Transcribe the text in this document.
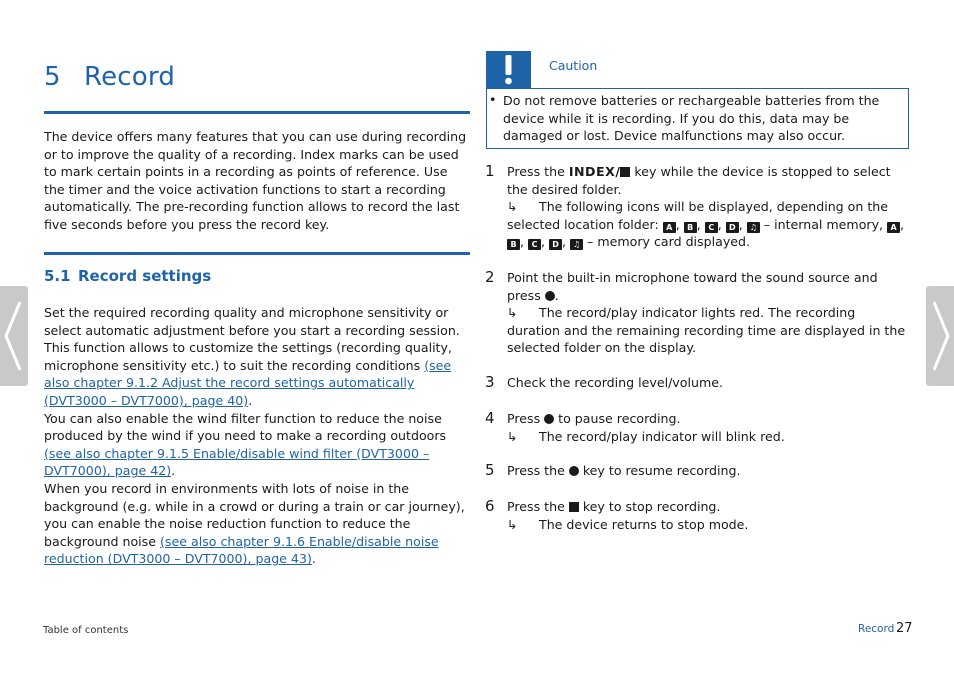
5 Record
The device offers many features that you can use during recording or to improve the quality of a recording. Index marks can be used to mark certain points in a recording as points of reference. Use the timer and the voice activation functions to start a recording automatically. The pre-recording function allows to record the last five seconds before you press the record key.
5.1 Record settings
Set the required recording quality and microphone sensitivity or select automatic adjustment before you start a recording session. This function allows to customize the settings (recording quality, microphone sensitivity etc.) to suit the recording conditions (see also chapter 9.1.2 Adjust the record settings automatically (DVT3000 – DVT7000), page 40).
You can also enable the wind filter function to reduce the noise produced by the wind if you need to make a recording outdoors (see also chapter 9.1.5 Enable/disable wind filter (DVT3000 – DVT7000), page 42).
When you record in environments with lots of noise in the background (e.g. while in a crowd or during a train or car journey), you can enable the noise reduction function to reduce the background noise (see also chapter 9.1.6 Enable/disable noise reduction (DVT3000 – DVT7000), page 43).
Caution
• Do not remove batteries or rechargeable batteries from the device while it is recording. If you do this, data may be damaged or lost. Device malfunctions may also occur.
1 Press the INDEX/ key while the device is stopped to select the desired folder.
↳ The following icons will be displayed, depending on the selected location folder: A , B , C , D , ♫ – internal memory, A , B , C , D , ♫ – memory card displayed.
2 Point the built-in microphone toward the sound source and press .
↳ The record/play indicator lights red. The recording duration and the remaining recording time are displayed in the selected folder on the display.
3 Check the recording level/volume.
4 Press  to pause recording.
↳ The record/play indicator will blink red.
5 Press the  key to resume recording.
6 Press the  key to stop recording.
↳ The device returns to stop mode.
Table of contents	Record 27
